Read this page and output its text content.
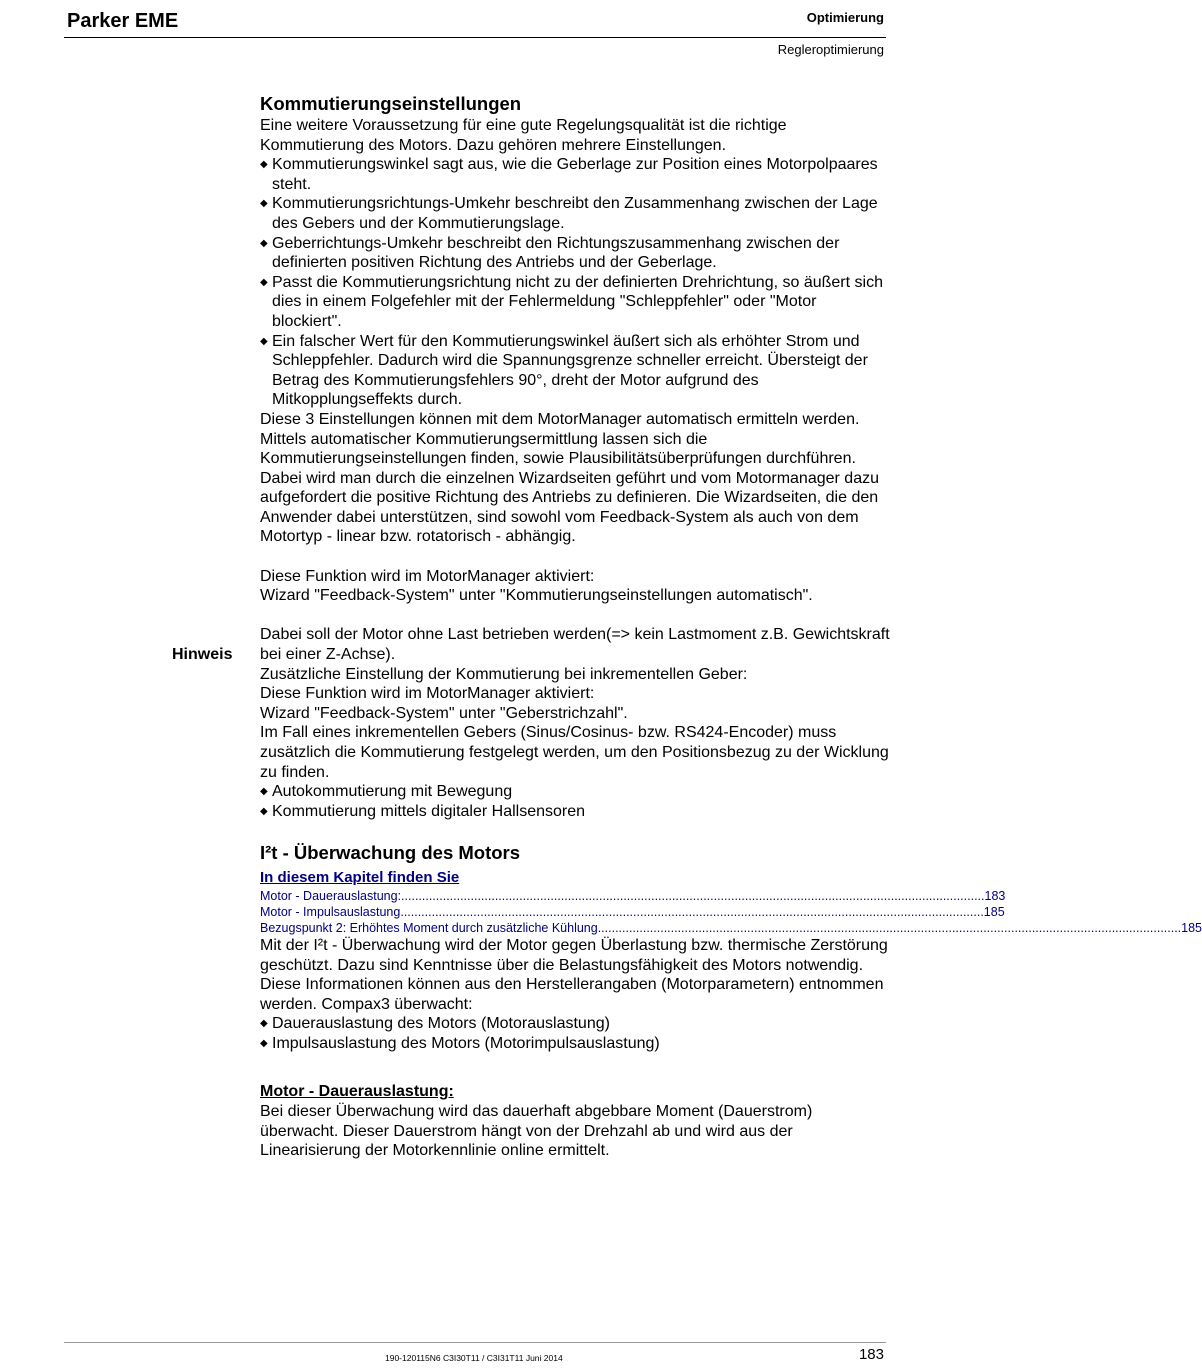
Parker EME	Optimierung
Regleroptimierung
Hinweis

Kommutierungseinstellungen

Eine weitere Voraussetzung für eine gute Regelungsqualität ist die richtige Kommutierung des Motors. Dazu gehören mehrere Einstellungen.

◆ Kommutierungswinkel sagt aus, wie die Geberlage zur Position eines Motorpolpaares steht.
◆ Kommutierungsrichtungs-Umkehr beschreibt den Zusammenhang zwischen der Lage des Gebers und der Kommutierungslage.
◆ Geberrichtungs-Umkehr beschreibt den Richtungszusammenhang zwischen der definierten positiven Richtung des Antriebs und der Geberlage.
◆ Passt die Kommutierungsrichtung nicht zu der definierten Drehrichtung, so äußert sich dies in einem Folgefehler mit der Fehlermeldung "Schleppfehler" oder "Motor blockiert".
◆ Ein falscher Wert für den Kommutierungswinkel äußert sich als erhöhter Strom und Schleppfehler. Dadurch wird die Spannungsgrenze schneller erreicht. Übersteigt der Betrag des Kommutierungsfehlers 90°, dreht der Motor aufgrund des Mitkopplungseffekts durch.

Diese 3 Einstellungen können mit dem MotorManager automatisch ermitteln werden.

Mittels automatischer Kommutierungsermittlung lassen sich die Kommutierungseinstellungen finden, sowie Plausibilitätsüberprüfungen durchführen. Dabei wird man durch die einzelnen Wizardseiten geführt und vom Motormanager dazu aufgefordert die positive Richtung des Antriebs zu definieren. Die Wizardseiten, die den Anwender dabei unterstützen, sind sowohl vom Feedback-System als auch von dem Motortyp - linear bzw. rotatorisch - abhängig.

Diese Funktion wird im MotorManager aktiviert:

Wizard "Feedback-System" unter "Kommutierungseinstellungen automatisch".

Dabei soll der Motor ohne Last betrieben werden(=> kein Lastmoment z.B. Gewichtskraft bei einer Z-Achse).

Zusätzliche Einstellung der Kommutierung bei inkrementellen Geber:

Diese Funktion wird im MotorManager aktiviert:

Wizard "Feedback-System" unter "Geberstrichzahl".

Im Fall eines inkrementellen Gebers (Sinus/Cosinus- bzw. RS424-Encoder) muss zusätzlich die Kommutierung festgelegt werden, um den Positionsbezug zu der Wicklung zu finden.

◆ Autokommutierung mit Bewegung
◆ Kommutierung mittels digitaler Hallsensoren

I²t - Überwachung des Motors

In diesem Kapitel finden Sie
Motor - Dauerauslastung: ........................................................................................................................................................................ 183
Motor - Impulsauslastung ........................................................................................................................................................................ 185
Bezugspunkt 2: Erhöhtes Moment durch zusätzliche Kühlung ........................................................................................................................................................................ 185

Mit der I²t - Überwachung wird der Motor gegen Überlastung bzw. thermische Zerstörung geschützt. Dazu sind Kenntnisse über die Belastungsfähigkeit des Motors notwendig. Diese Informationen können aus den Herstellerangaben (Motorparametern) entnommen werden. Compax3 überwacht:

◆ Dauerauslastung des Motors (Motorauslastung)
◆ Impulsauslastung des Motors (Motorimpulsauslastung)

Motor - Dauerauslastung:

Bei dieser Überwachung wird das dauerhaft abgebbare Moment (Dauerstrom) überwacht. Dieser Dauerstrom hängt von der Drehzahl ab und wird aus der Linearisierung der Motorkennlinie online ermittelt.

190-120115N6 C3I30T11 / C3I31T11 Juni 2014	183
